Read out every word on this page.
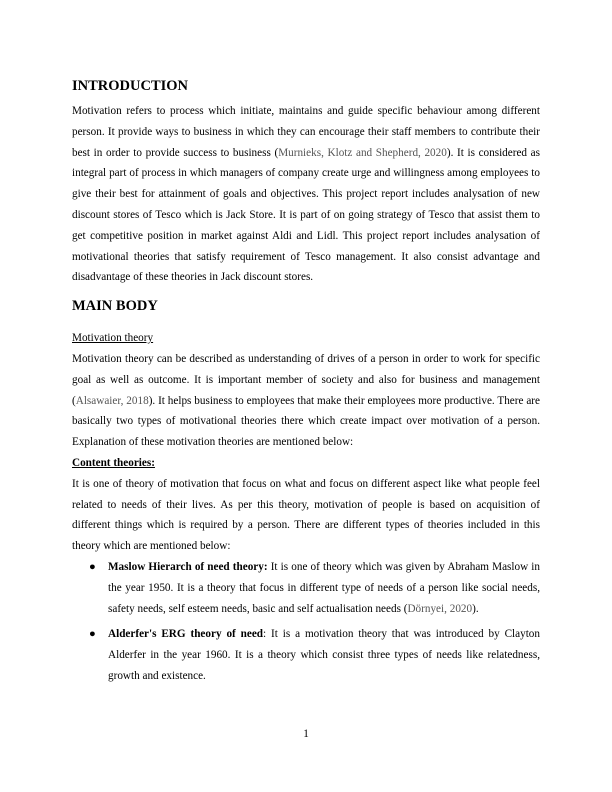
INTRODUCTION

Motivation refers to process which initiate, maintains and guide specific behaviour among different person. It provide ways to business in which they can encourage their staff members to contribute their best in order to provide success to business (Murnieks, Klotz and Shepherd, 2020). It is considered as integral part of process in which managers of company create urge and willingness among employees to give their best for attainment of goals and objectives. This project report includes analysation of new discount stores of Tesco which is Jack Store. It is part of on going strategy of Tesco that assist them to get competitive position in market against Aldi and Lidl. This project report includes analysation of motivational theories that satisfy requirement of Tesco management. It also consist advantage and disadvantage of these theories in Jack discount stores.

MAIN BODY
Motivation theory

Motivation theory can be described as understanding of drives of a person in order to work for specific goal as well as outcome. It is important member of society and also for business and management (Alsawaier, 2018). It helps business to employees that make their employees more productive. There are basically two types of motivational theories there which create impact over motivation of a person. Explanation of these motivation theories are mentioned below:

Content theories:

It is one of theory of motivation that focus on what and focus on different aspect like what people feel related to needs of their lives. As per this theory, motivation of people is based on acquisition of different things which is required by a person. There are different types of theories included in this theory which are mentioned below:

● Maslow Hierarch of need theory: It is one of theory which was given by Abraham Maslow in the year 1950. It is a theory that focus in different type of needs of a person like social needs, safety needs, self esteem needs, basic and self actualisation needs (Dörnyei, 2020).

● Alderfer's ERG theory of need: It is a motivation theory that was introduced by Clayton Alderfer in the year 1960. It is a theory which consist three types of needs like relatedness, growth and existence.

1
